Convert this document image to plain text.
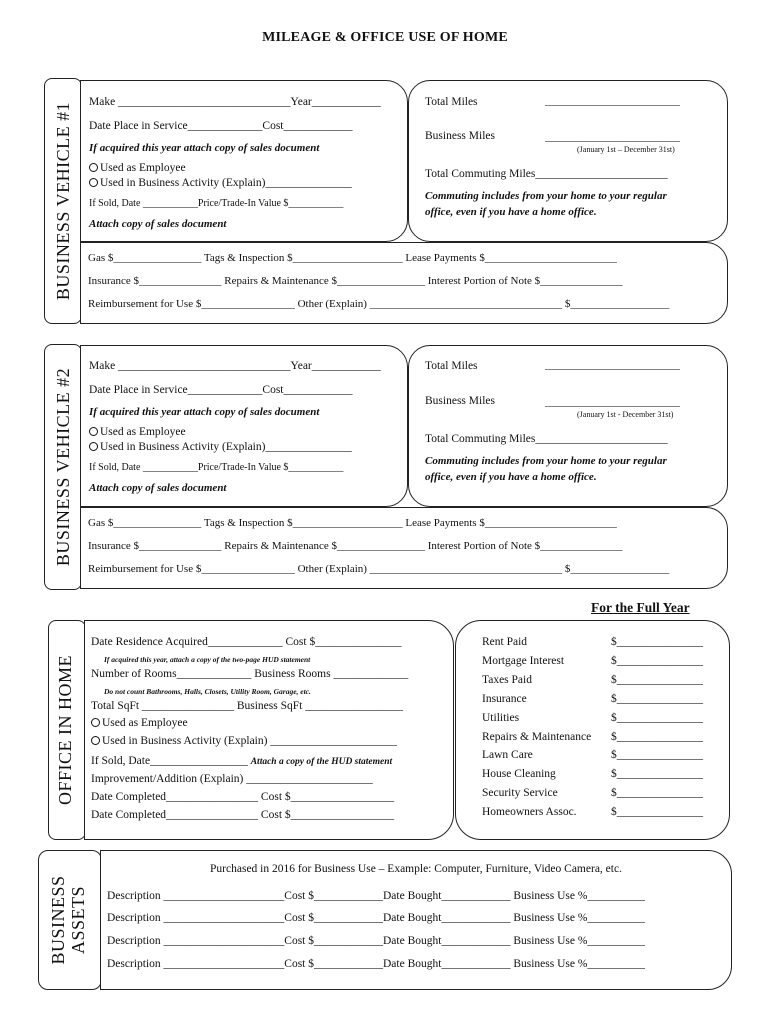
MILEAGE & OFFICE USE OF HOME
BUSINESS VEHICLE #1	Make ______________________________Year____________
Date Place in Service_____________Cost____________
If acquired this year attach copy of sales document
Used as Employee
Used in Business Activity (Explain)_______________
If Sold, Date ___________Price/Trade-In Value $___________
Attach copy of sales document
Total Miles	___________________________
Business Miles	___________________________
(January 1st – December 31st)
Total Commuting Miles_______________________
Commuting includes from your home to your regular
office, even if you have a home office.
Gas $________________ Tags & Inspection $____________________ Lease Payments $________________________
Insurance $_______________ Repairs & Maintenance $________________ Interest Portion of Note $_______________
Reimbursement for Use $_________________ Other (Explain) ___________________________________ $__________________
BUSINESS VEHICLE #2
Make ______________________________Year____________
Date Place in Service_____________Cost____________
If acquired this year attach copy of sales document
Used as Employee
Used in Business Activity (Explain)_______________
If Sold, Date ___________Price/Trade-In Value $___________
Attach copy of sales document
Total Miles	___________________________
Business Miles	___________________________
(January 1st - December 31st)
Total Commuting Miles_______________________
Commuting includes from your home to your regular
office, even if you have a home office.
Gas $________________ Tags & Inspection $____________________ Lease Payments $________________________
Insurance $_______________ Repairs & Maintenance $________________ Interest Portion of Note $_______________
Reimbursement for Use $_________________ Other (Explain) ___________________________________ $__________________
For the Full Year
OFFICE IN HOME
Date Residence Acquired_____________ Cost $_______________
If acquired this year, attach a copy of the two-page HUD statement
Number of Rooms_____________ Business Rooms _____________
Do not count Bathrooms, Halls, Closets, Utility Room, Garage, etc.
Total SqFt ________________ Business SqFt _________________
Used as Employee
Used in Business Activity (Explain) ______________________
If Sold, Date_________________ Attach a copy of the HUD statement
Improvement/Addition (Explain) ______________________
Date Completed________________ Cost $__________________
Date Completed________________ Cost $__________________
Rent Paid	$_______________
Mortgage Interest	$_______________
Taxes Paid	$_______________
Insurance	$_______________
Utilities	$_______________
Repairs & Maintenance $_______________
Lawn Care	$_______________
House Cleaning	$_______________
Security Service	$_______________
Homeowners Assoc.	$_______________
BUSINESS
ASSETS
Purchased in 2016 for Business Use – Example: Computer, Furniture, Video Camera, etc.
Description _____________________Cost $____________Date Bought____________ Business Use %__________
Description _____________________Cost $____________Date Bought____________ Business Use %__________
Description _____________________Cost $____________Date Bought____________ Business Use %__________
Description _____________________Cost $____________Date Bought____________ Business Use %__________
